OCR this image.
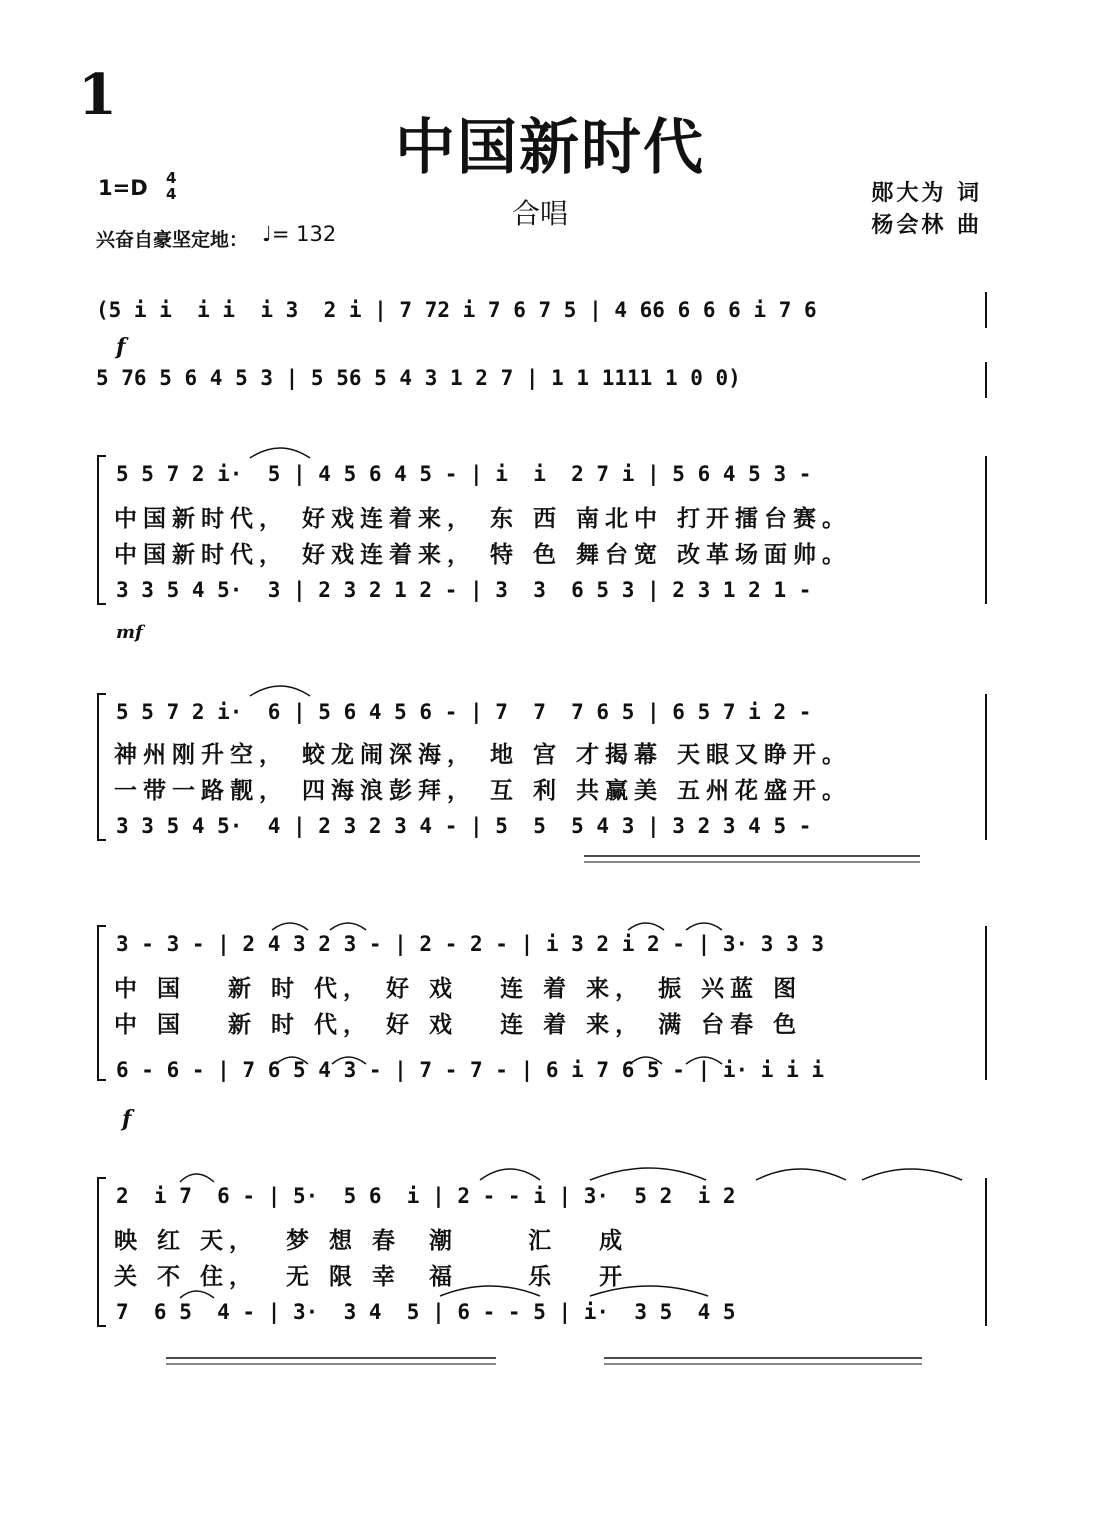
1
中国新时代
合唱
1=D 4
4
兴奋自豪坚定地： ♩= 132
郧大为 词
杨会林 曲
(5 i i  i i  i 3  2 i | 7 72 i 7 6 7 5 | 4 66 6 6 6 i 7 6
f
5 76 5 6 4 5 3 | 5 56 5 4 3 1 2 7 | 1 1 1111 1 0 0)
5 5 7 2 i·  5 | 4 5 6 4 5 - | i  i  2 7 i | 5 6 4 5 3 -
中国新时代， 好戏连着来， 东 西 南北中 打开擂台赛。
中国新时代， 好戏连着来， 特 色 舞台宽 改革场面帅。
3 3 5 4 5·  3 | 2 3 2 1 2 - | 3  3  6 5 3 | 2 3 1 2 1 -
mf
5 5 7 2 i·  6 | 5 6 4 5 6 - | 7  7  7 6 5 | 6 5 7 i 2 -
神州刚升空， 蛟龙闹深海， 地 宫 才揭幕 天眼又睁开。
一带一路靓， 四海浪彭拜， 互 利 共赢美 五州花盛开。
3 3 5 4 5·  4 | 2 3 2 3 4 - | 5  5  5 4 3 | 3 2 3 4 5 -
3 - 3 - | 2 4 3 2 3 - | 2 - 2 - | i 3 2 i 2 - | 3· 3 3 3
中 国   新 时 代， 好 戏   连 着 来， 振 兴蓝 图
中 国   新 时 代， 好 戏   连 着 来， 满 台春 色
6 - 6 - | 7 6 5 4 3 - | 7 - 7 - | 6 i 7 6 5 - | i· i i i
f
2  i 7  6 - | 5·  5 6  i | 2 - - i | 3·  5 2  i 2
映 红 天，  梦 想 春  潮     汇   成
关 不 住，  无 限 幸  福     乐   开
7  6 5  4 - | 3·  3 4  5 | 6 - - 5 | i·  3 5  4 5
